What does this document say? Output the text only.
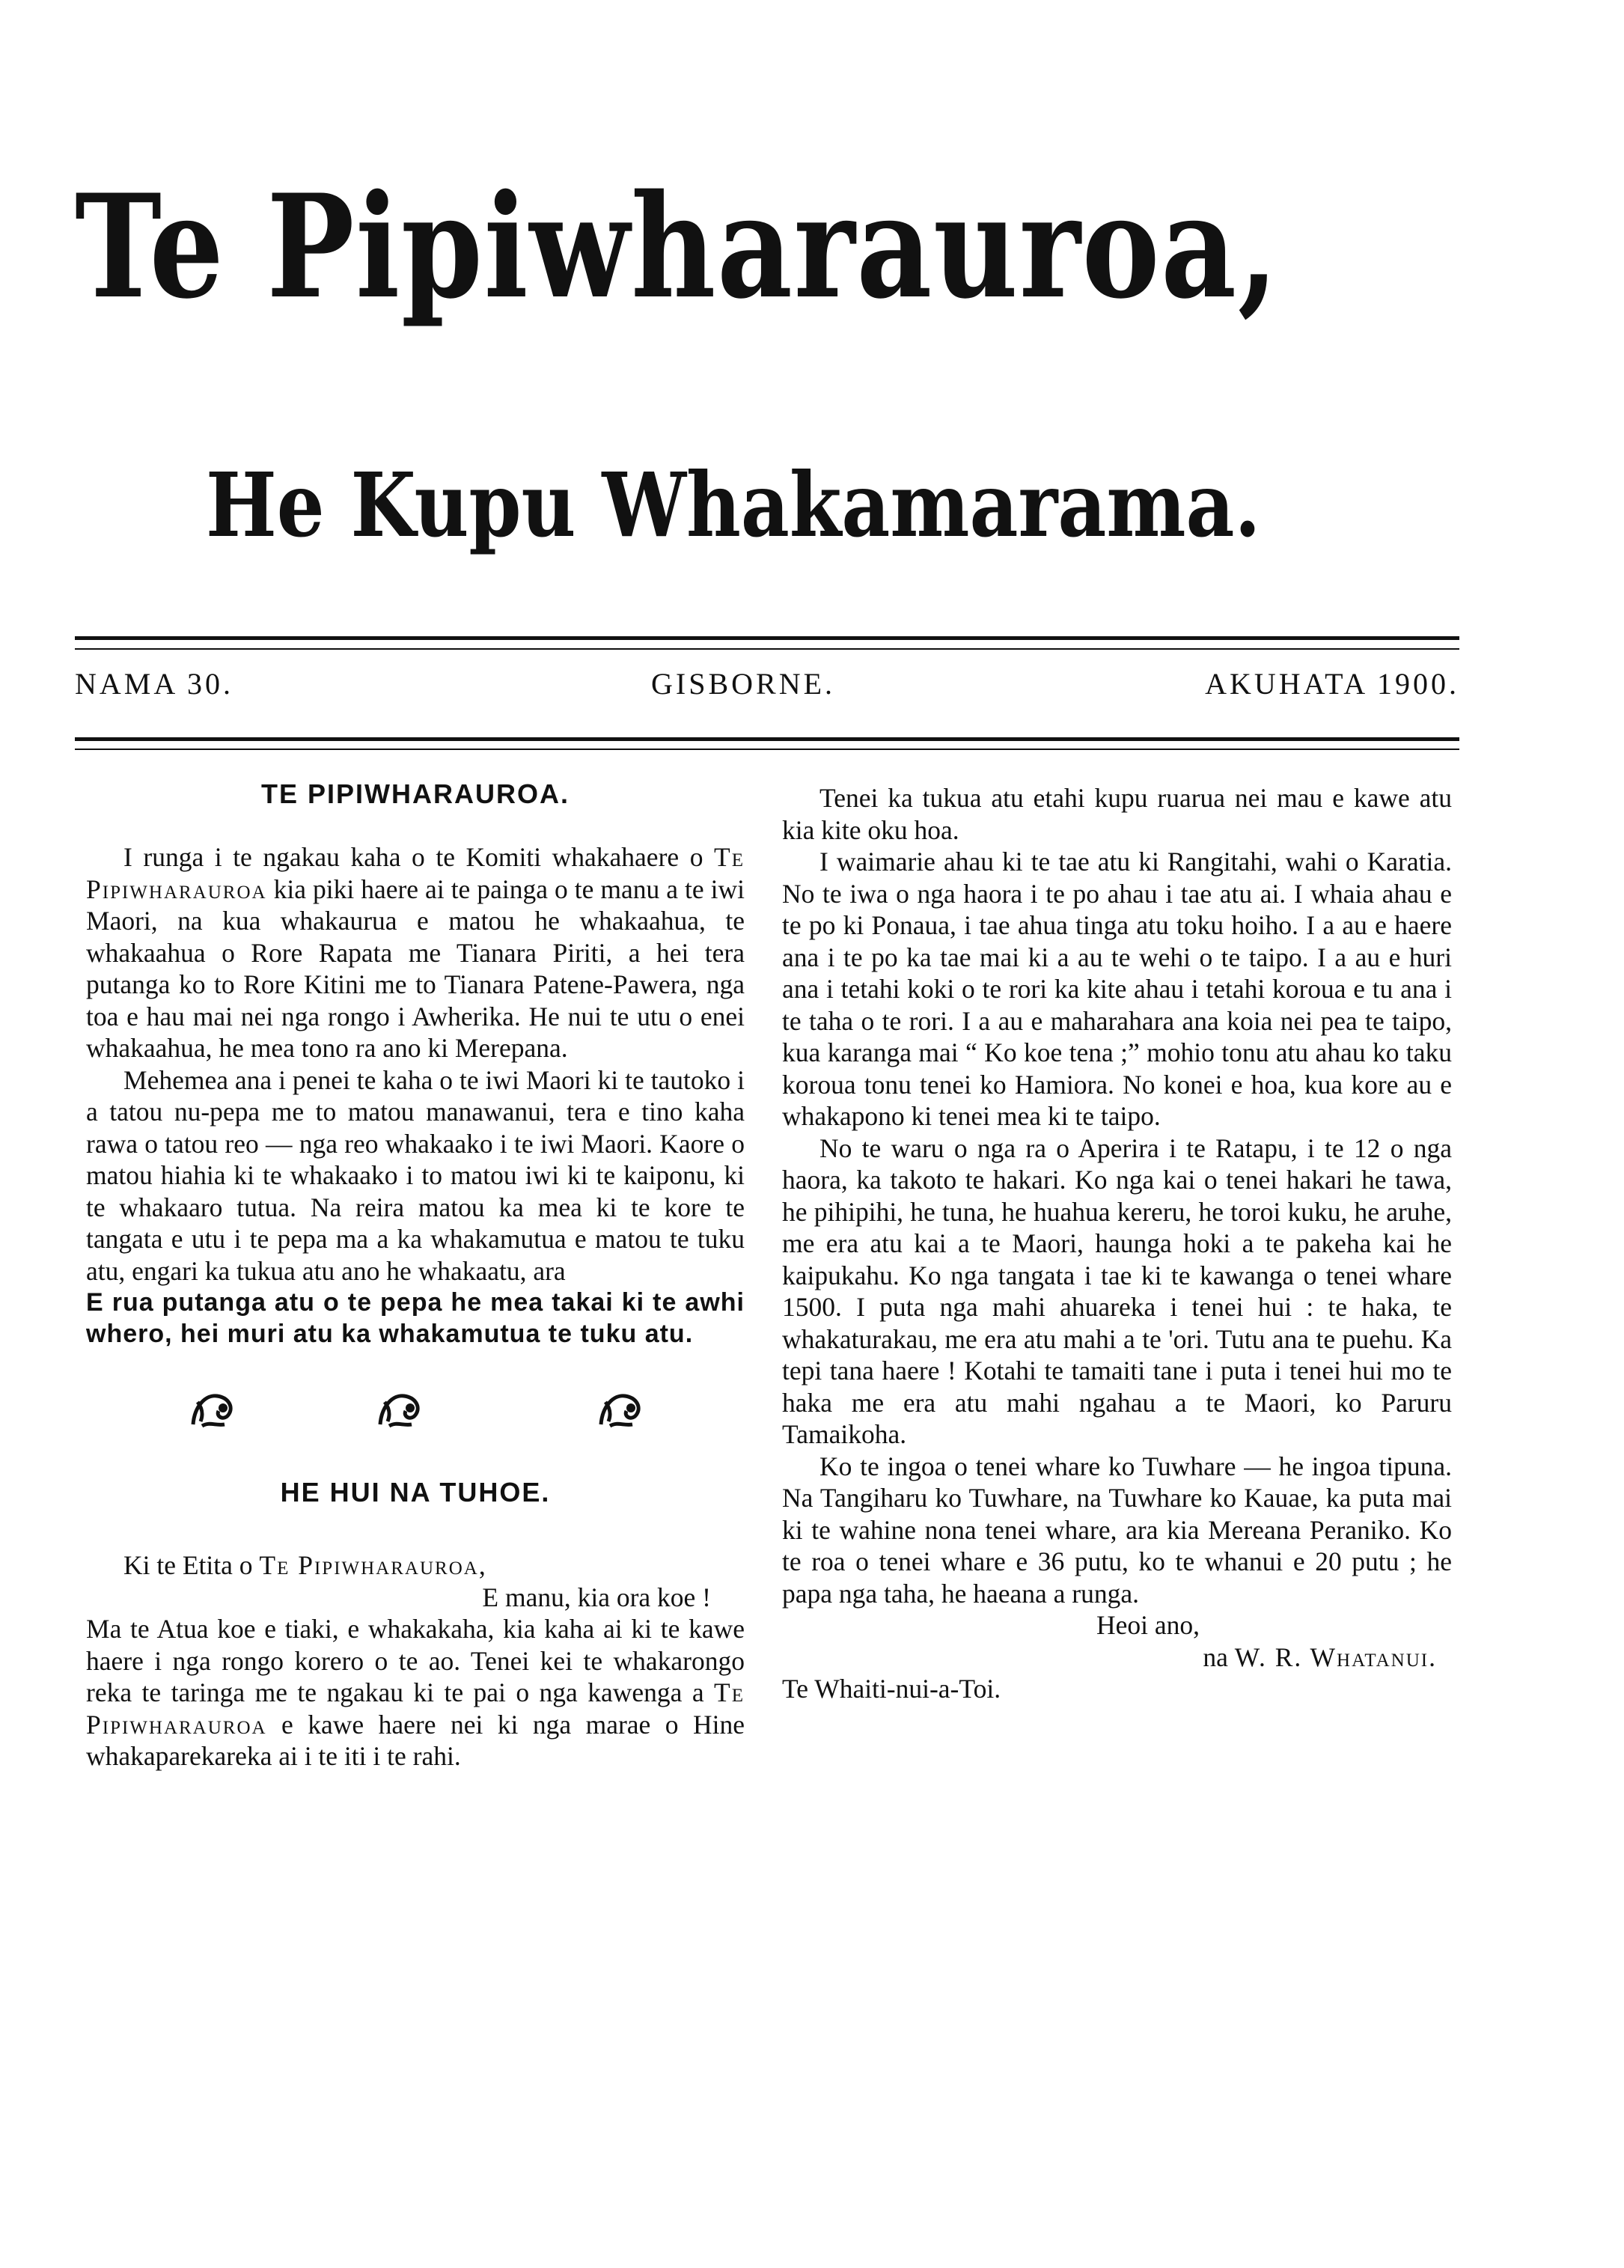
Te Pipiwharauroa,
He Kupu Whakamarama.
NAMA 30.	GISBORNE.	AKUHATA 1900.
TE PIPIWHARAUROA.

I runga i te ngakau kaha o te Komiti whakahaere o Te Pipiwharauroa kia piki haere ai te painga o te manu a te iwi Maori, na kua whakaurua e matou he whakaahua, te whakaahua o Rore Rapata me Tianara Piriti, a hei tera putanga ko to Rore Kitini me to Tianara Patene-Pawera, nga toa e hau mai nei nga rongo i Awherika. He nui te utu o enei whakaahua, he mea tono ra ano ki Merepana.

Mehemea ana i penei te kaha o te iwi Maori ki te tautoko i a tatou nu-pepa me to matou manawanui, tera e tino kaha rawa o tatou reo — nga reo whakaako i te iwi Maori. Kaore o matou hiahia ki te whakaako i to matou iwi ki te kaiponu, ki te whakaaro tutua. Na reira matou ka mea ki te kore te tangata e utu i te pepa ma a ka whakamutua e matou te tuku atu, engari ka tukua atu ano he whakaatu, ara

E rua putanga atu o te pepa he mea takai ki te awhi whero, hei muri atu ka whakamutua te tuku atu.

HE HUI NA TUHOE.

Ki te Etita o Te Pipiwharauroa,

E manu, kia ora koe !

Ma te Atua koe e tiaki, e whakakaha, kia kaha ai ki te kawe haere i nga rongo korero o te ao. Tenei kei te whakarongo reka te taringa me te ngakau ki te pai o nga kawenga a Te Pipiwharauroa e kawe haere nei ki nga marae o Hine whakaparekareka ai i te iti i te rahi.

Tenei ka tukua atu etahi kupu ruarua nei mau e kawe atu kia kite oku hoa.

I waimarie ahau ki te tae atu ki Rangitahi, wahi o Karatia. No te iwa o nga haora i te po ahau i tae atu ai. I whaia ahau e te po ki Ponaua, i tae ahua tinga atu toku hoiho. I a au e haere ana i te po ka tae mai ki a au te wehi o te taipo. I a au e huri ana i tetahi koki o te rori ka kite ahau i tetahi koroua e tu ana i te taha o te rori. I a au e maharahara ana koia nei pea te taipo, kua karanga mai “ Ko koe tena ;” mohio tonu atu ahau ko taku koroua tonu tenei ko Hamiora. No konei e hoa, kua kore au e whakapono ki tenei mea ki te taipo.

No te waru o nga ra o Aperira i te Ratapu, i te 12 o nga haora, ka takoto te hakari. Ko nga kai o tenei hakari he tawa, he pihipihi, he tuna, he huahua kereru, he toroi kuku, he aruhe, me era atu kai a te Maori, haunga hoki a te pakeha kai he kaipukahu. Ko nga tangata i tae ki te kawanga o tenei whare 1500. I puta nga mahi ahuareka i tenei hui : te haka, te whakaturakau, me era atu mahi a te 'ori. Tutu ana te puehu. Ka tepi tana haere ! Kotahi te tamaiti tane i puta i tenei hui mo te haka me era atu mahi ngahau a te Maori, ko Paruru Tamaikoha.

Ko te ingoa o tenei whare ko Tuwhare — he ingoa tipuna. Na Tangiharu ko Tuwhare, na Tuwhare ko Kauae, ka puta mai ki te wahine nona tenei whare, ara kia Mereana Peraniko. Ko te roa o tenei whare e 36 putu, ko te whanui e 20 putu ; he papa nga taha, he haeana a runga.

Heoi ano,

na W. R. Whatanui.

Te Whaiti-nui-a-Toi.
